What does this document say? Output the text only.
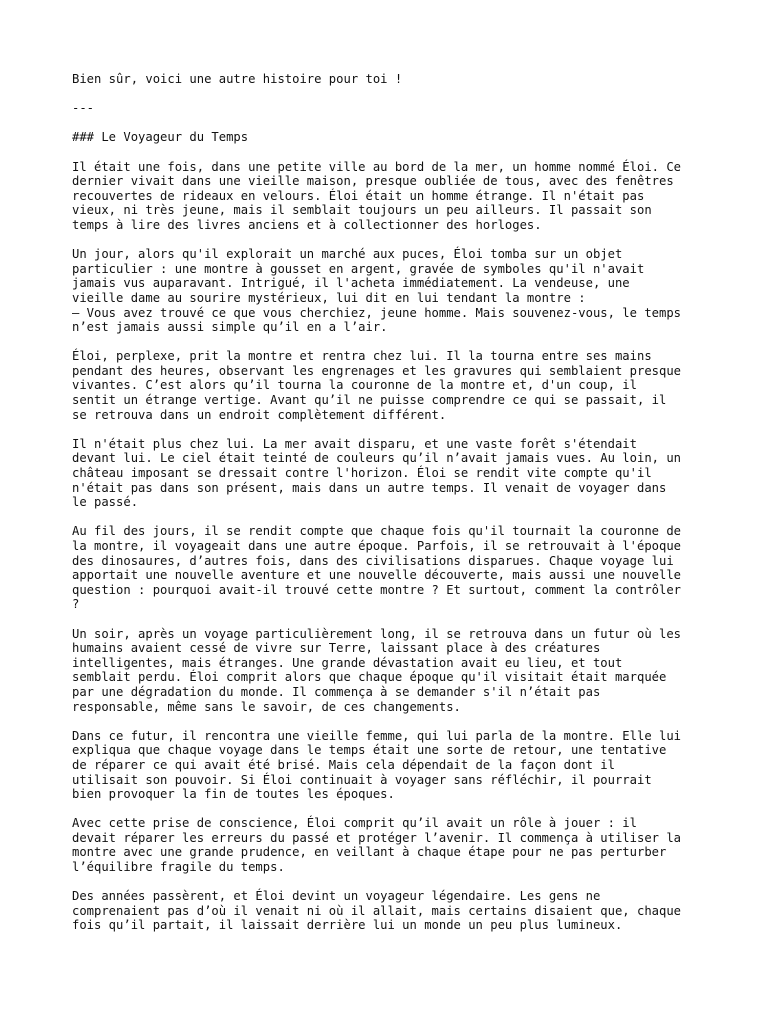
Bien sûr, voici une autre histoire pour toi !

---

### Le Voyageur du Temps

Il était une fois, dans une petite ville au bord de la mer, un homme nommé Éloi. Ce
dernier vivait dans une vieille maison, presque oubliée de tous, avec des fenêtres
recouvertes de rideaux en velours. Éloi était un homme étrange. Il n'était pas
vieux, ni très jeune, mais il semblait toujours un peu ailleurs. Il passait son
temps à lire des livres anciens et à collectionner des horloges.

Un jour, alors qu'il explorait un marché aux puces, Éloi tomba sur un objet
particulier : une montre à gousset en argent, gravée de symboles qu'il n'avait
jamais vus auparavant. Intrigué, il l'acheta immédiatement. La vendeuse, une
vieille dame au sourire mystérieux, lui dit en lui tendant la montre :
– Vous avez trouvé ce que vous cherchiez, jeune homme. Mais souvenez-vous, le temps
n’est jamais aussi simple qu’il en a l’air.

Éloi, perplexe, prit la montre et rentra chez lui. Il la tourna entre ses mains
pendant des heures, observant les engrenages et les gravures qui semblaient presque
vivantes. C’est alors qu’il tourna la couronne de la montre et, d'un coup, il
sentit un étrange vertige. Avant qu’il ne puisse comprendre ce qui se passait, il
se retrouva dans un endroit complètement différent.

Il n'était plus chez lui. La mer avait disparu, et une vaste forêt s'étendait
devant lui. Le ciel était teinté de couleurs qu’il n’avait jamais vues. Au loin, un
château imposant se dressait contre l'horizon. Éloi se rendit vite compte qu'il
n'était pas dans son présent, mais dans un autre temps. Il venait de voyager dans
le passé.

Au fil des jours, il se rendit compte que chaque fois qu'il tournait la couronne de
la montre, il voyageait dans une autre époque. Parfois, il se retrouvait à l'époque
des dinosaures, d’autres fois, dans des civilisations disparues. Chaque voyage lui
apportait une nouvelle aventure et une nouvelle découverte, mais aussi une nouvelle
question : pourquoi avait-il trouvé cette montre ? Et surtout, comment la contrôler
?

Un soir, après un voyage particulièrement long, il se retrouva dans un futur où les
humains avaient cessé de vivre sur Terre, laissant place à des créatures
intelligentes, mais étranges. Une grande dévastation avait eu lieu, et tout
semblait perdu. Éloi comprit alors que chaque époque qu'il visitait était marquée
par une dégradation du monde. Il commença à se demander s'il n’était pas
responsable, même sans le savoir, de ces changements.

Dans ce futur, il rencontra une vieille femme, qui lui parla de la montre. Elle lui
expliqua que chaque voyage dans le temps était une sorte de retour, une tentative
de réparer ce qui avait été brisé. Mais cela dépendait de la façon dont il
utilisait son pouvoir. Si Éloi continuait à voyager sans réfléchir, il pourrait
bien provoquer la fin de toutes les époques.

Avec cette prise de conscience, Éloi comprit qu’il avait un rôle à jouer : il
devait réparer les erreurs du passé et protéger l’avenir. Il commença à utiliser la
montre avec une grande prudence, en veillant à chaque étape pour ne pas perturber
l’équilibre fragile du temps.

Des années passèrent, et Éloi devint un voyageur légendaire. Les gens ne
comprenaient pas d’où il venait ni où il allait, mais certains disaient que, chaque
fois qu’il partait, il laissait derrière lui un monde un peu plus lumineux.
